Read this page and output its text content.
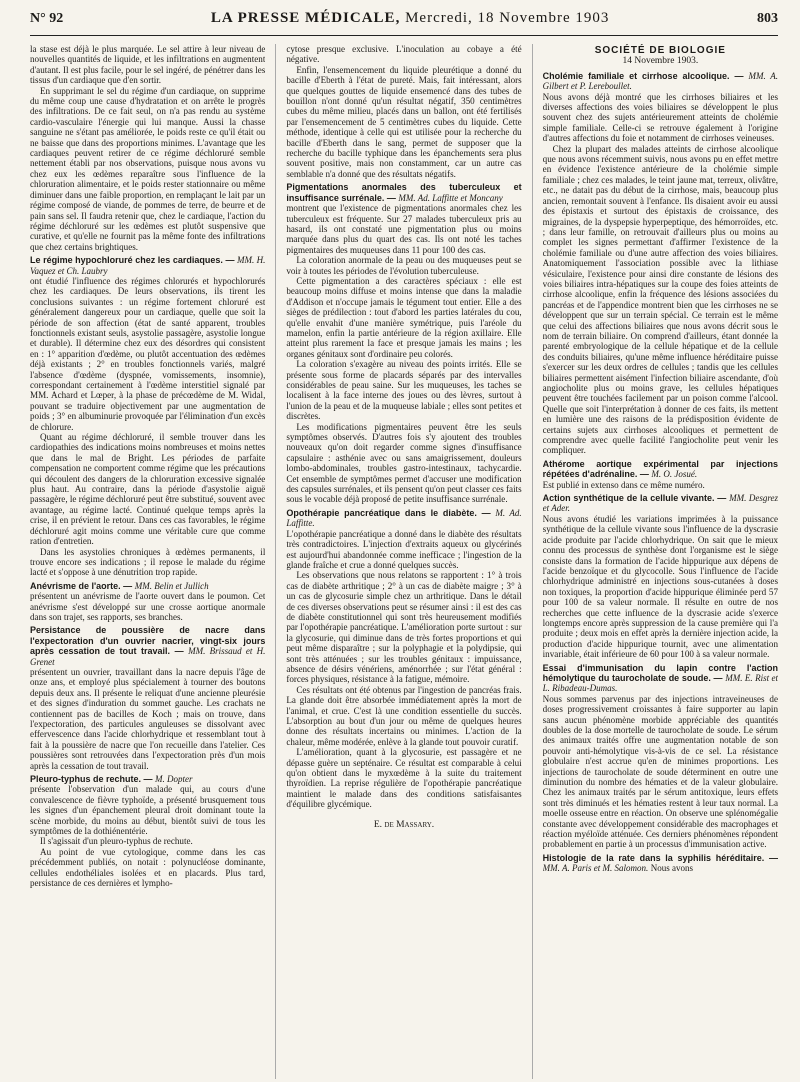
N° 92	LA PRESSE MÉDICALE, Mercredi, 18 Novembre 1903	803

la stase est déjà le plus marquée. Le sel attire à leur niveau de nouvelles quantités de liquide, et les infiltrations en augmentent d'autant. Il est plus facile, pour le sel ingéré, de pénétrer dans les tissus d'un cardiaque que d'en sortir.

En supprimant le sel du régime d'un cardiaque, on supprime du même coup une cause d'hydratation et on arrête le progrès des infiltrations. De ce fait seul, on n'a pas rendu au système cardio-vasculaire l'énergie qui lui manque. Aussi la chasse sanguine ne s'étant pas améliorée, le poids reste ce qu'il était ou ne baisse que dans des proportions minimes. L'avantage que les cardiaques peuvent retirer de ce régime déchloruré semble nettement établi par nos observations, puisque nous avons vu chez eux les œdèmes reparaître sous l'influence de la chloruration alimentaire, et le poids rester stationnaire ou même diminuer dans une faible proportion, en remplaçant le lait par un régime composé de viande, de pommes de terre, de beurre et de pain sans sel. Il faudra retenir que, chez le cardiaque, l'action du régime déchloruré sur les œdèmes est plutôt suspensive que curative, et qu'elle ne fournit pas la même fonte des infiltrations que chez certains brightiques.

Le régime hypochloruré chez les cardiaques. — MM. H. Vaquez et Ch. Laubry

ont étudié l'influence des régimes chlorurés et hypochlorurés chez les cardiaques. De leurs observations, ils tirent les conclusions suivantes : un régime fortement chloruré est généralement dangereux pour un cardiaque, quelle que soit la période de son affection (état de santé apparent, troubles fonctionnels existant seuls, asystolie passagère, asystolie longue et durable). Il détermine chez eux des désordres qui consistent en : 1° apparition d'œdème, ou plutôt accentuation des œdèmes déjà existants ; 2° en troubles fonctionnels variés, malgré l'absence d'œdème (dyspnée, vomissements, insomnie), correspondant certainement à l'œdème interstitiel signalé par MM. Achard et Lœper, à la phase de précœdème de M. Widal, pouvant se traduire objectivement par une augmentation de poids ; 3° en albuminurie provoquée par l'élimination d'un excès de chlorure.

Quant au régime déchloruré, il semble trouver dans les cardiopathies des indications moins nombreuses et moins nettes que dans le mal de Bright. Les périodes de parfaite compensation ne comportent comme régime que les précautions qui découlent des dangers de la chloruration excessive signalée plus haut. Au contraire, dans la période d'asystolie aiguë passagère, le régime déchloruré peut être substitué, souvent avec avantage, au régime lacté. Continué quelque temps après la crise, il en prévient le retour. Dans ces cas favorables, le régime déchloruré agit moins comme une véritable cure que comme ration d'entretien.

Dans les asystolies chroniques à œdèmes permanents, il trouve encore ses indications ; il repose le malade du régime lacté et s'oppose à une dénutrition trop rapide.

Anévrisme de l'aorte. — MM. Belin et Jullich

présentent un anévrisme de l'aorte ouvert dans le poumon. Cet anévrisme s'est développé sur une crosse aortique anormale dans son trajet, ses rapports, ses branches.

Persistance de poussière de nacre dans l'expectoration d'un ouvrier nacrier, vingt-six jours après cessation de tout travail. — MM. Brissaud et H. Grenet

présentent un ouvrier, travaillant dans la nacre depuis l'âge de onze ans, et employé plus spécialement à tourner des boutons depuis deux ans. Il présente le reliquat d'une ancienne pleurésie et des signes d'induration du sommet gauche. Les crachats ne contiennent pas de bacilles de Koch ; mais on trouve, dans l'expectoration, des particules anguleuses se dissolvant avec effervescence dans l'acide chlorhydrique et ressemblant tout à fait à la poussière de nacre que l'on recueille dans l'atelier. Ces poussières sont retrouvées dans l'expectoration près d'un mois après la cessation de tout travail.

Pleuro-typhus de rechute. — M. Dopter

présente l'observation d'un malade qui, au cours d'une convalescence de fièvre typhoïde, a présenté brusquement tous les signes d'un épanchement pleural droit dominant toute la scène morbide, du moins au début, bientôt suivi de tous les symptômes de la dothiénentérie.

Il s'agissait d'un pleuro-typhus de rechute.

Au point de vue cytologique, comme dans les cas précédemment publiés, on notait : polynucléose dominante, cellules endothéliales isolées et en placards. Plus tard, persistance de ces dernières et lympho-

cytose presque exclusive. L'inoculation au cobaye a été négative.

Enfin, l'ensemencement du liquide pleurétique a donné du bacille d'Eberth à l'état de pureté. Mais, fait intéressant, alors que quelques gouttes de liquide ensemencé dans des tubes de bouillon n'ont donné qu'un résultat négatif, 350 centimètres cubes du même milieu, placés dans un ballon, ont été fertilisés par l'ensemencement de 5 centimètres cubes du liquide. Cette méthode, identique à celle qui est utilisée pour la recherche du bacille d'Eberth dans le sang, permet de supposer que la recherche du bacille typhique dans les épanchements sera plus souvent positive, mais non constamment, car un autre cas semblable n'a donné que des résultats négatifs.

Pigmentations anormales des tuberculeux et insuffisance surrénale. — MM. Ad. Laffitte et Moncany

montrent que l'existence de pigmentations anormales chez les tuberculeux est fréquente. Sur 27 malades tuberculeux pris au hasard, ils ont constaté une pigmentation plus ou moins marquée dans plus du quart des cas. Ils ont noté les taches pigmentaires des muqueuses dans 11 pour 100 des cas.

La coloration anormale de la peau ou des muqueuses peut se voir à toutes les périodes de l'évolution tuberculeuse.

Cette pigmentation a des caractères spéciaux : elle est beaucoup moins diffuse et moins intense que dans la maladie d'Addison et n'occupe jamais le tégument tout entier. Elle a des sièges de prédilection : tout d'abord les parties latérales du cou, qu'elle envahit d'une manière symétrique, puis l'aréole du mamelon, enfin la partie antérieure de la région axillaire. Elle atteint plus rarement la face et presque jamais les mains ; les organes génitaux sont d'ordinaire peu colorés.

La coloration s'exagère au niveau des points irrités. Elle se présente sous forme de placards séparés par des intervalles considérables de peau saine. Sur les muqueuses, les taches se localisent à la face interne des joues ou des lèvres, surtout à l'union de la peau et de la muqueuse labiale ; elles sont petites et discrètes.

Les modifications pigmentaires peuvent être les seuls symptômes observés. D'autres fois s'y ajoutent des troubles nouveaux qu'on doit regarder comme signes d'insuffisance capsulaire : asthénie avec ou sans amaigrissement, douleurs lombo-abdominales, troubles gastro-intestinaux, tachycardie. Cet ensemble de symptômes permet d'accuser une modification des capsules surrénales, et ils pensent qu'on peut classer ces faits sous le vocable déjà proposé de petite insuffisance surrénale.

Opothérapie pancréatique dans le diabète. — M. Ad. Laffitte.

L'opothérapie pancréatique a donné dans le diabète des résultats très contradictoires. L'injection d'extraits aqueux ou glycérinés est aujourd'hui abandonnée comme inefficace ; l'ingestion de la glande fraîche et crue a donné quelques succès.

Les observations que nous relatons se rapportent : 1° à trois cas de diabète arthritique ; 2° à un cas de diabète maigre ; 3° à un cas de glycosurie simple chez un arthritique. Dans le détail de ces diverses observations peut se résumer ainsi : il est des cas de diabète constitutionnel qui sont très heureusement modifiés par l'opothérapie pancréatique. L'amélioration porte surtout : sur la glycosurie, qui diminue dans de très fortes proportions et qui peut même disparaître ; sur la polyphagie et la polydipsie, qui sont très atténuées ; sur les troubles génitaux : impuissance, absence de désirs vénériens, aménorrhée ; sur l'état général : forces physiques, résistance à la fatigue, mémoire.

Ces résultats ont été obtenus par l'ingestion de pancréas frais. La glande doit être absorbée immédiatement après la mort de l'animal, et crue. C'est là une condition essentielle du succès. L'absorption au bout d'un jour ou même de quelques heures donne des résultats incertains ou minimes. L'action de la chaleur, même modérée, enlève à la glande tout pouvoir curatif.

L'amélioration, quant à la glycosurie, est passagère et ne dépasse guère un septénaire. Ce résultat est comparable à celui qu'on obtient dans le myxœdème à la suite du traitement thyroïdien. La reprise régulière de l'opothérapie pancréatique maintient le malade dans des conditions satisfaisantes d'équilibre glycémique.

E. de Massary.
SOCIÉTÉ DE BIOLOGIE
14 Novembre 1903.
Cholémie familiale et cirrhose alcoolique. — MM. A. Gilbert et P. Lereboullet.

Nous avons déjà montré que les cirrhoses biliaires et les diverses affections des voies biliaires se développent le plus souvent chez des sujets antérieurement atteints de cholémie simple familiale. Celle-ci se retrouve également à l'origine d'autres affections du foie et notamment de cirrhoses veineuses.

Chez la plupart des malades atteints de cirrhose alcoolique que nous avons récemment suivis, nous avons pu en effet mettre en évidence l'existence antérieure de la cholémie simple familiale ; chez ces malades, le teint jaune mat, terreux, olivâtre, etc., ne datait pas du début de la cirrhose, mais, beaucoup plus ancien, remontait souvent à l'enfance. Ils disaient avoir eu aussi des épistaxis et surtout des épistaxis de croissance, des migraines, de la dyspepsie hyperpeptique, des hémorroïdes, etc. ; dans leur famille, on retrouvait d'ailleurs plus ou moins au complet les signes permettant d'affirmer l'existence de la cholémie familiale ou d'une autre affection des voies biliaires. Anatomiquement l'association possible avec la lithiase vésiculaire, l'existence pour ainsi dire constante de lésions des voies biliaires intra-hépatiques sur la coupe des foies atteints de cirrhose alcoolique, enfin la fréquence des lésions associées du pancréas et de l'appendice montrent bien que les cirrhoses ne se développent que sur un terrain spécial. Ce terrain est le même que celui des affections biliaires que nous avons décrit sous le nom de terrain biliaire. On comprend d'ailleurs, étant donnée la parenté embryologique de la cellule hépatique et de la cellule des conduits biliaires, qu'une même influence héréditaire puisse s'exercer sur les deux ordres de cellules ; tandis que les cellules biliaires permettent aisément l'infection biliaire ascendante, d'où angiocholite plus ou moins grave, les cellules hépatiques peuvent être touchées facilement par un poison comme l'alcool. Quelle que soit l'interprétation à donner de ces faits, ils mettent en lumière une des raisons de la prédisposition évidente de certains sujets aux cirrhoses alcooliques et permettent de comprendre avec quelle facilité l'angiocholite peut venir les compliquer.

Athéromе aortique expérimental par injections répétées d'adrénaline. — M. O. Josué.

Est publié in extenso dans ce même numéro.

Action synthétique de la cellule vivante. — MM. Desgrez et Ader.

Nous avons étudié les variations imprimées à la puissance synthétique de la cellule vivante sous l'influence de la dyscrasie acide produite par l'acide chlorhydrique. On sait que le mieux connu des processus de synthèse dont l'organisme est le siège consiste dans la formation de l'acide hippurique aux dépens de l'acide benzoïque et du glycocolle. Sous l'influence de l'acide chlorhydrique administré en injections sous-cutanées à doses non toxiques, la proportion d'acide hippurique éliminée perd 57 pour 100 de sa valeur normale. Il résulte en outre de nos recherches que cette influence de la dyscrasie acide s'exerce longtemps encore après suppression de la cause première qui l'a produite ; deux mois en effet après la dernière injection acide, la production d'acide hippurique tournit, avec une alimentation invariable, était inférieure de 60 pour 100 à sa valeur normale.

Essai d'immunisation du lapin contre l'action hémolytique du taurocholate de soude. — MM. E. Rist et L. Ribadeau-Dumas.

Nous sommes parvenus par des injections intraveineuses de doses progressivement croissantes à faire supporter au lapin sans aucun phénomène morbide appréciable des quantités doubles de la dose mortelle de taurocholate de soude. Le sérum des animaux traités offre une augmentation notable de son pouvoir anti-hémolytique vis-à-vis de ce sel. La résistance globulaire n'est accrue qu'en de minimes proportions. Les injections de taurocholate de soude déterminent en outre une diminution du nombre des hématies et de la valeur globulaire. Chez les animaux traités par le sérum antitoxique, leurs effets sont très diminués et les hématies restent à leur taux normal. La moelle osseuse entre en réaction. On observe une splénomégalie constante avec développement considérable des macrophages et réaction myéloïde atténuée. Ces derniers phénomènes répondent probablement en partie à un processus d'immunisation active.

Histologie de la rate dans la syphilis héréditaire. — MM. A. Paris et M. Salomon. Nous avons
